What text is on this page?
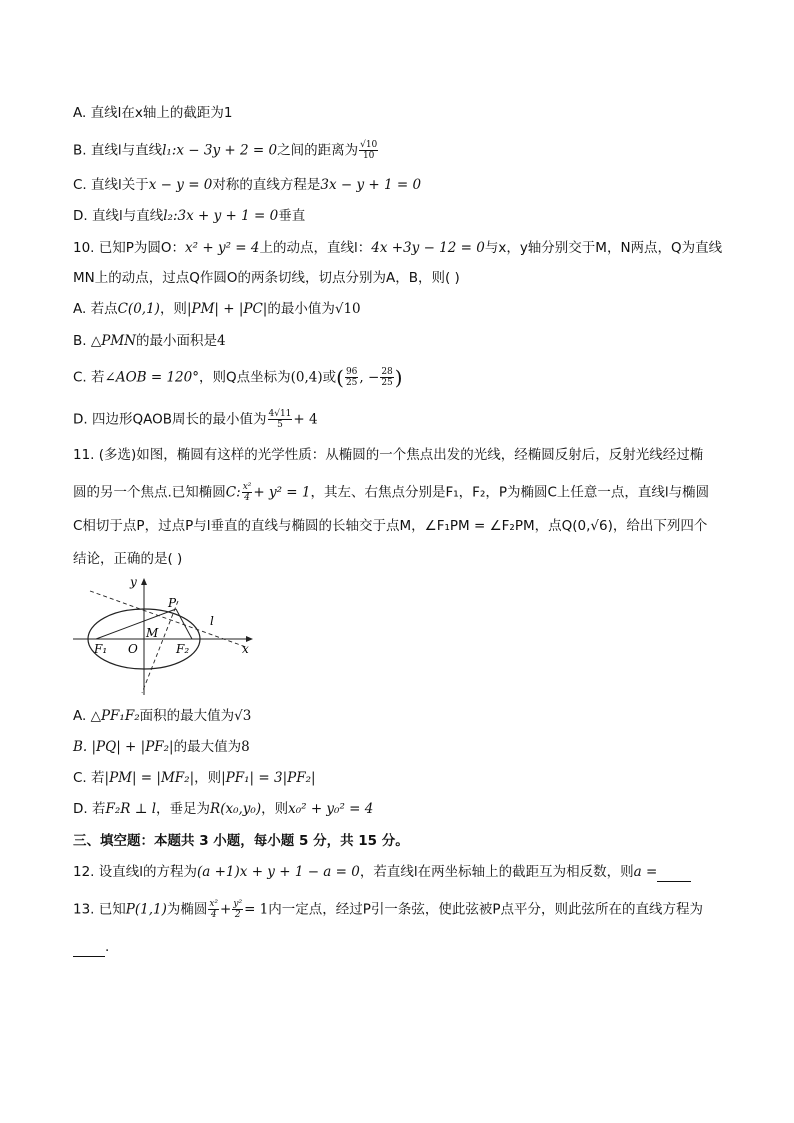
A. 直线l在x轴上的截距为1
B. 直线l与直线l₁:x − 3y + 2 = 0之间的距离为 $\frac{√10}{10}$
C. 直线l关于x − y = 0对称的直线方程是3x − y + 1 = 0
D. 直线l与直线l₂:3x + y + 1 = 0垂直
10. 已知P为圆O：x² + y² = 4上的动点，直线l：4x +3y − 12 = 0与x，y轴分别交于M，N两点，Q为直线
MN上的动点，过点Q作圆O的两条切线，切点分别为A，B，则( )
A. 若点C(0,1)，则|PM| + |PC|的最小值为√10
B. △PMN的最小面积是4
C. 若∠AOB = 120°，则Q点坐标为(0,4)或( $\frac{96}{25}$ , − $\frac{28}{25}$ )
D. 四边形QAOB周长的最小值为 $\frac{4√11}{5} + 4$
11. (多选)如图，椭圆有这样的光学性质：从椭圆的一个焦点出发的光线，经椭圆反射后，反射光线经过椭
圆的另一个焦点.已知椭圆C: $\frac{\text{x²}}{4} + y^2 = 1$，其左、右焦点分别是F₁，F₂，P为椭圆C上任意一点，直线l与椭圆
C相切于点P，过点P与l垂直的直线与椭圆的长轴交于点M，∠F₁PM = ∠F₂PM，点Q(0,√6)，给出下列四个
结论，正确的是( )
y
x
P
l
M
O
F₁	F₂
A. △PF₁F₂面积的最大值为√3
B. |PQ| + |PF₂|的最大值为8
C. 若|PM| = |MF₂|，则|PF₁| = 3|PF₂|
D. 若F₂R ⊥ l，垂足为R(x₀,y₀)，则x₀² + y₀² = 4
三、填空题：本题共 3 小题，每小题 5 分，共 15 分。
12. 设直线l的方程为(a +1)x + y + 1 − a = 0，若直线l在两坐标轴上的截距互为相反数，则a =
13. 已知P(1,1)为椭圆 $\frac{\text{x²}}{4} + \frac{\text{y²}}{2} = 1$内一定点，经过P引一条弦，使此弦被P点平分，则此弦所在的直线方程为
.
